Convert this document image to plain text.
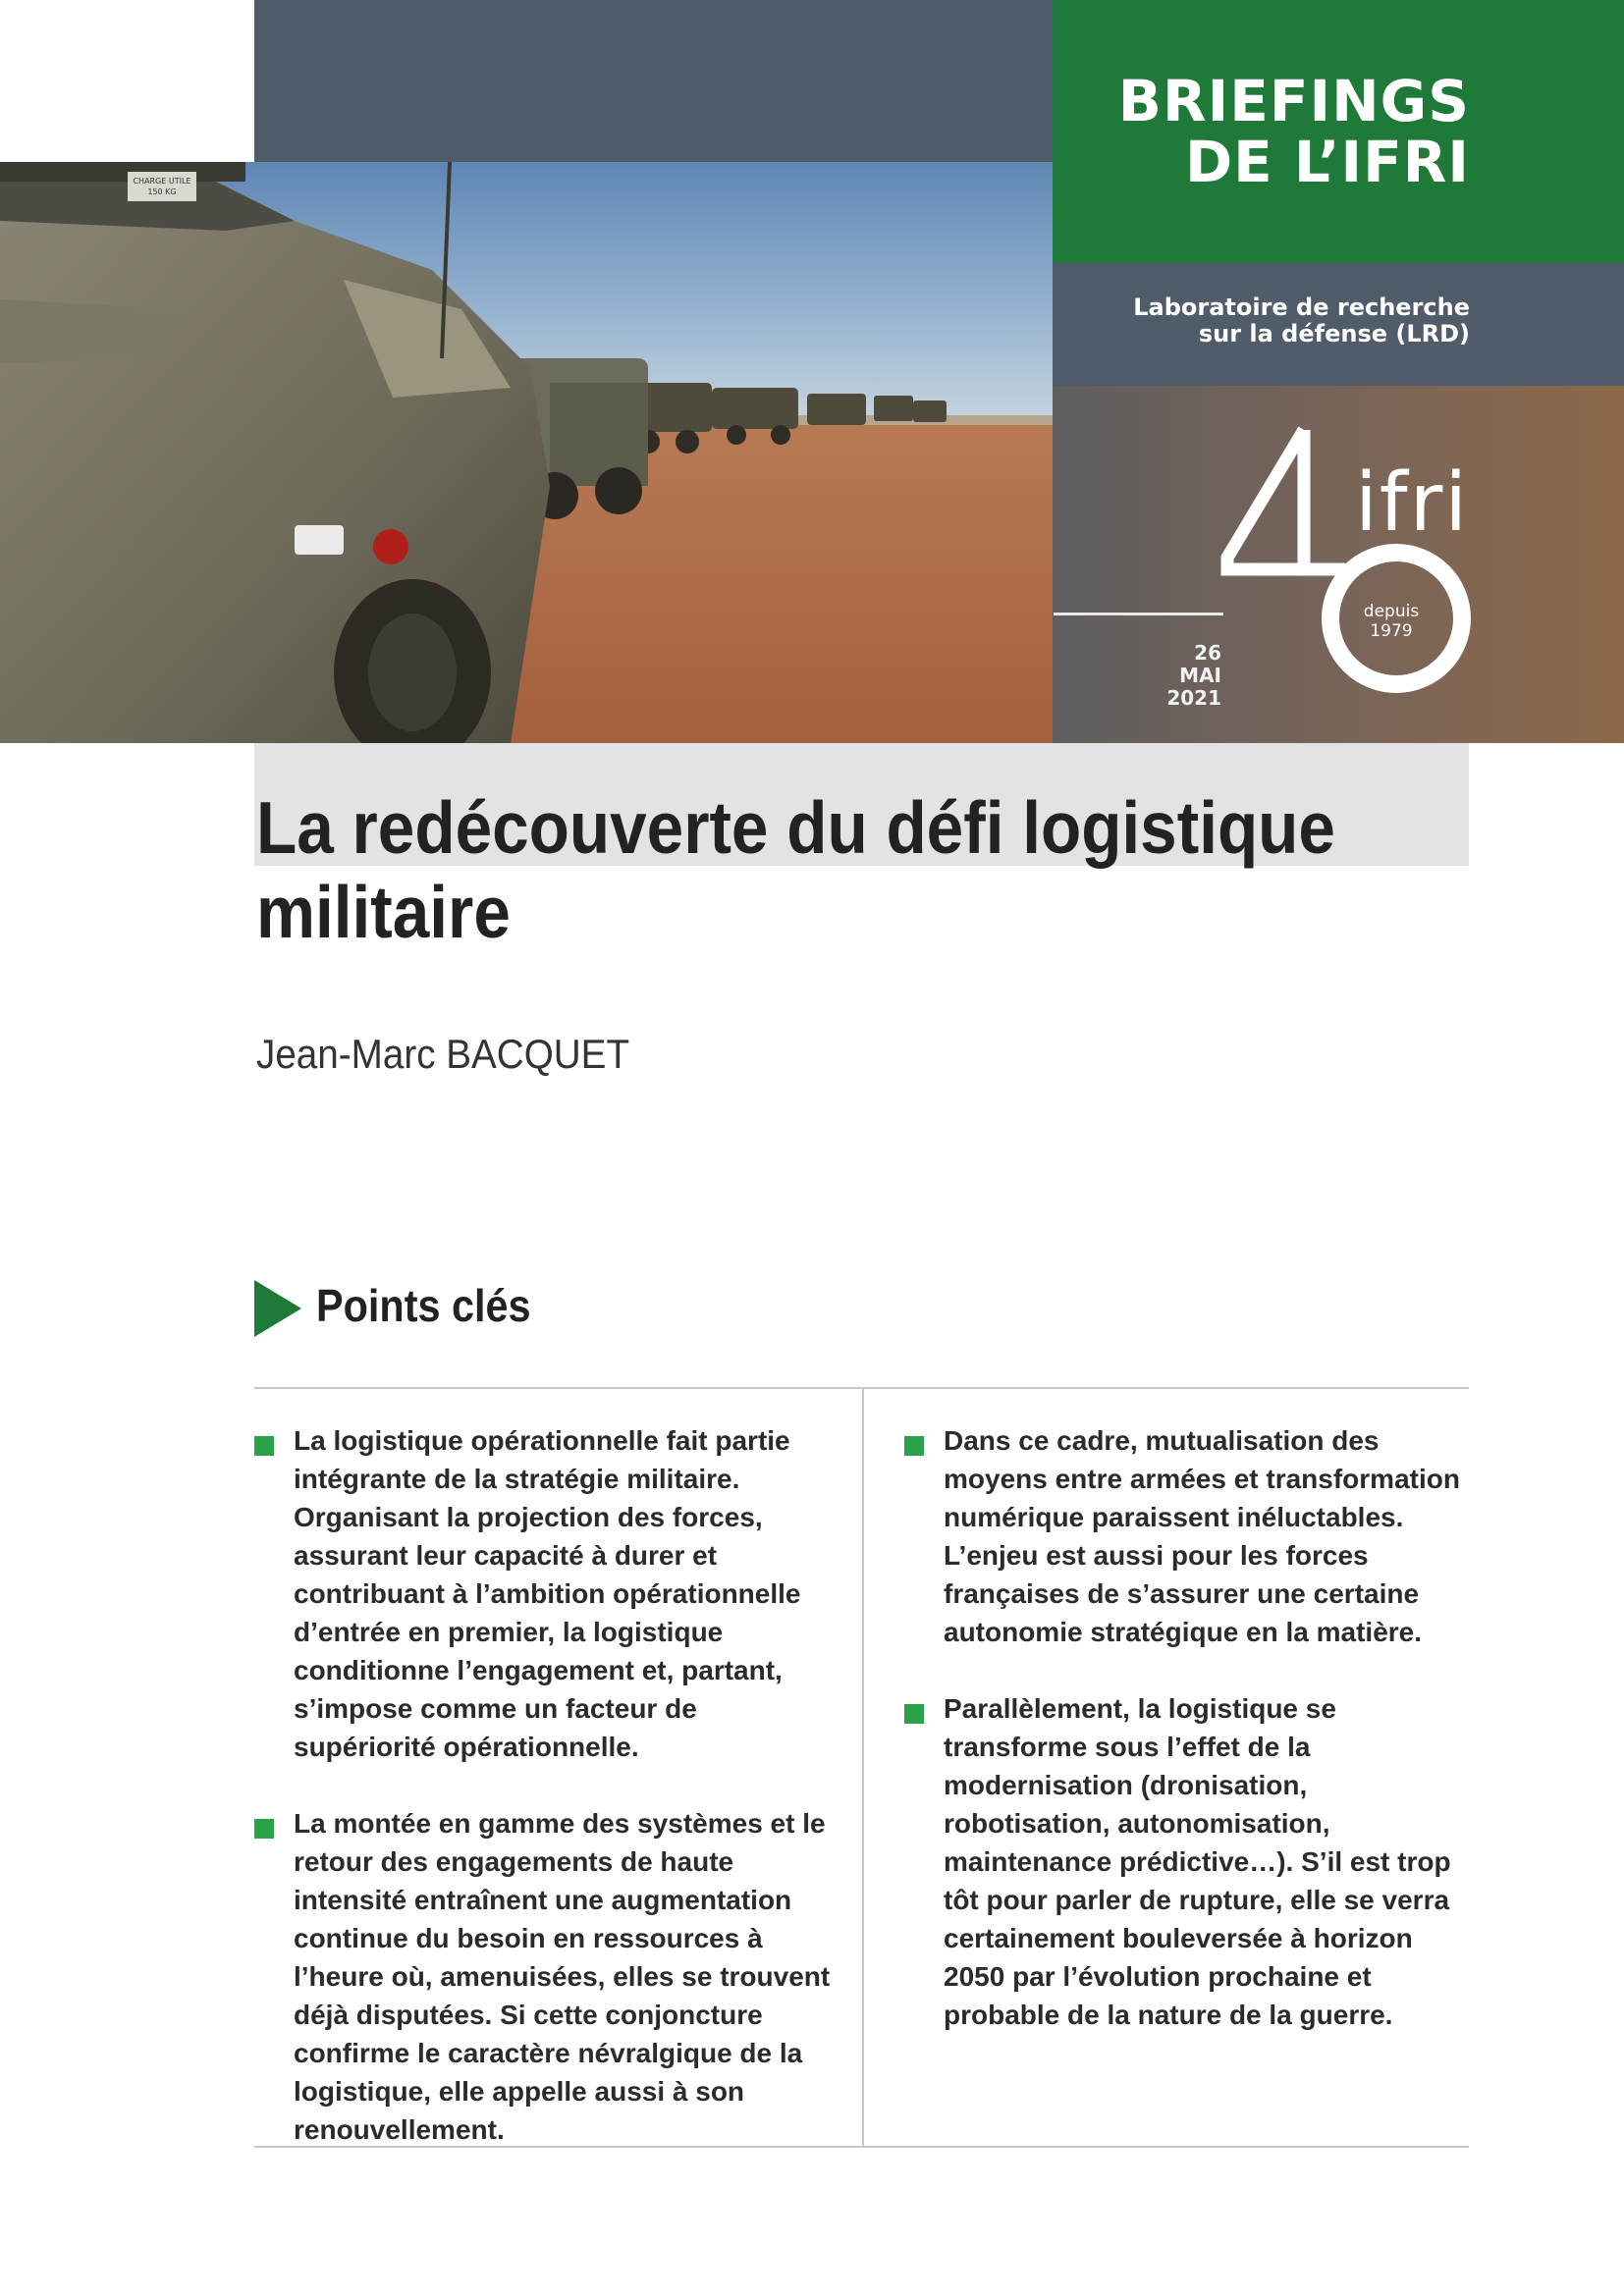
BRIEFINGS
DE L’IFRI
Laboratoire de recherche
sur la défense (LRD)
ifri
depuis
1979
26
MAI
2021
CHARGE UTILE
150 KG
La redécouverte du défi logistique militaire
Jean-Marc BACQUET
Points clés
La logistique opérationnelle fait partie intégrante de la stratégie militaire. Organisant la projection des forces, assurant leur capacité à durer et contribuant à l’ambition opérationnelle d’entrée en premier, la logistique conditionne l’engagement et, partant, s’impose comme un facteur de supériorité opérationnelle.
La montée en gamme des systèmes et le retour des engagements de haute intensité entraînent une augmentation continue du besoin en ressources à l’heure où, amenuisées, elles se trouvent déjà disputées. Si cette conjoncture confirme le caractère névralgique de la logistique, elle appelle aussi à son renouvellement.
Dans ce cadre, mutualisation des moyens entre armées et transformation numérique paraissent inéluctables. L’enjeu est aussi pour les forces françaises de s’assurer une certaine autonomie stratégique en la matière.
Parallèlement, la logistique se transforme sous l’effet de la modernisation (dronisation, robotisation, autonomisation, maintenance prédictive…). S’il est trop tôt pour parler de rupture, elle se verra certainement bouleversée à horizon 2050 par l’évolution prochaine et probable de la nature de la guerre.
